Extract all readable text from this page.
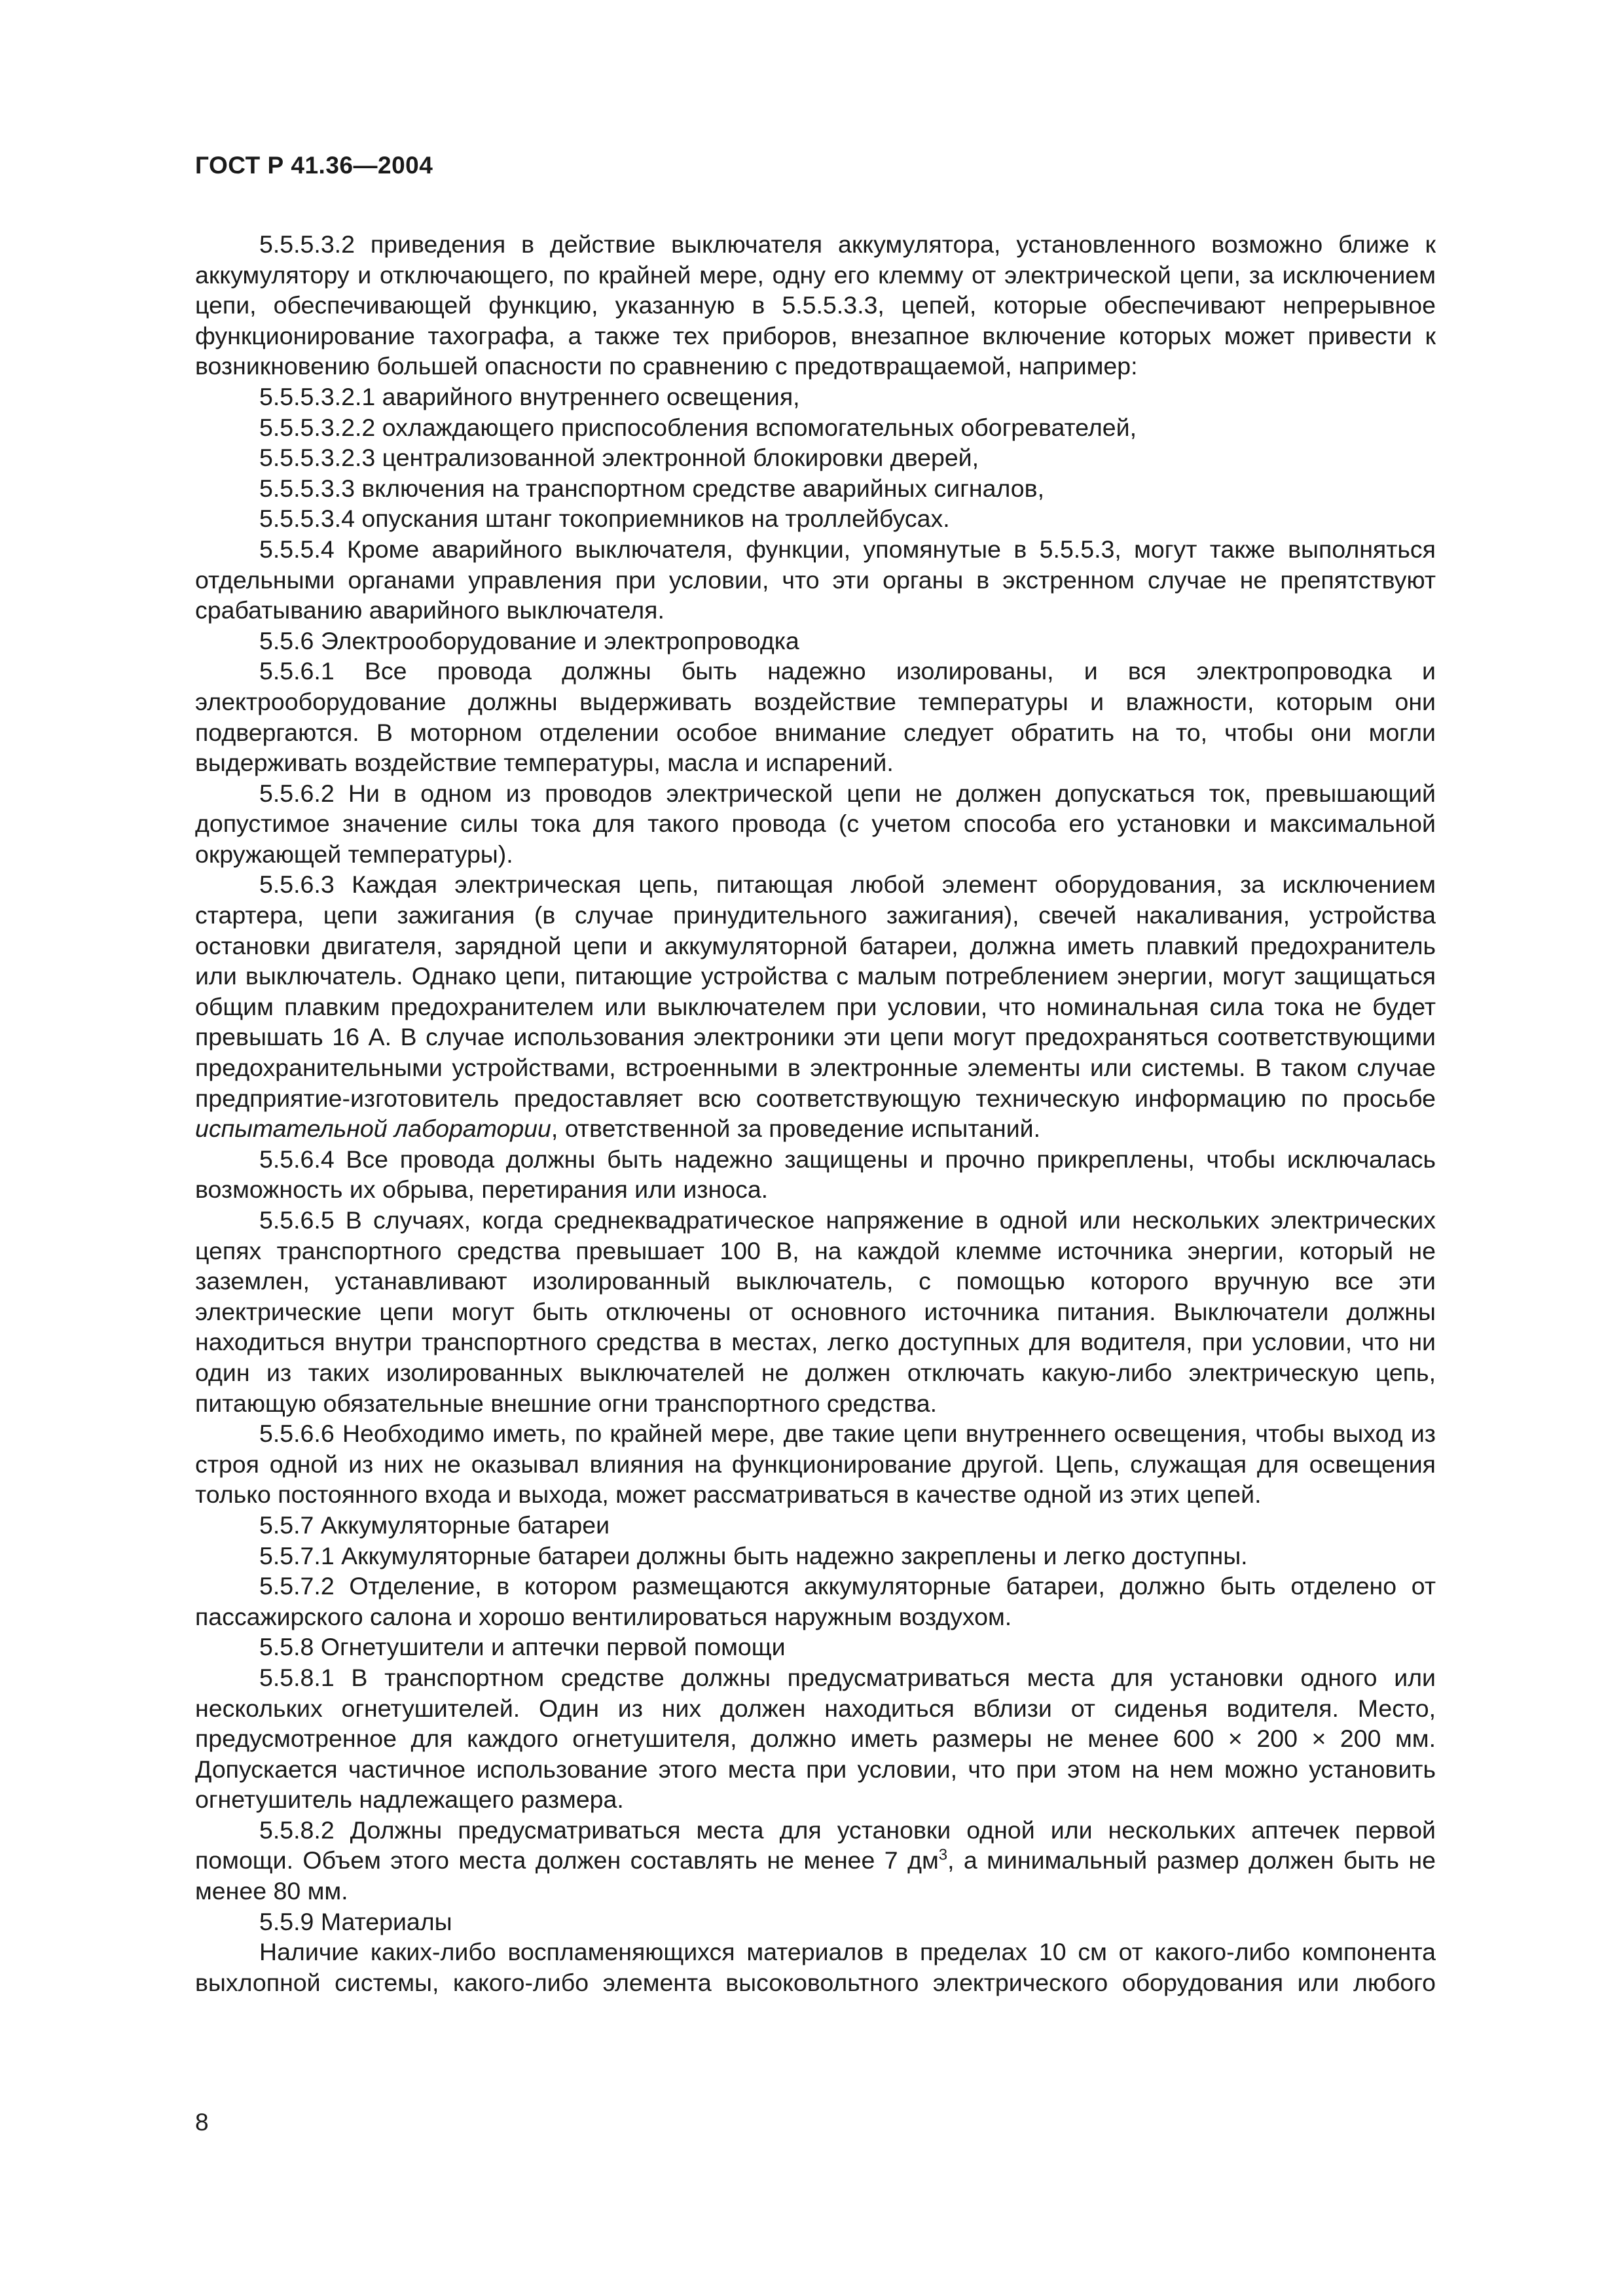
ГОСТ Р 41.36—2004

5.5.5.3.2 приведения в действие выключателя аккумулятора, установленного возможно ближе к аккумулятору и отключающего, по крайней мере, одну его клемму от электрической цепи, за исключением цепи, обеспечивающей функцию, указанную в 5.5.5.3.3, цепей, которые обеспечивают непрерывное функционирование тахографа, а также тех приборов, внезапное включение которых может привести к возникновению большей опасности по сравнению с предотвращаемой, например:

5.5.5.3.2.1 аварийного внутреннего освещения,

5.5.5.3.2.2 охлаждающего приспособления вспомогательных обогревателей,

5.5.5.3.2.3 централизованной электронной блокировки дверей,

5.5.5.3.3 включения на транспортном средстве аварийных сигналов,

5.5.5.3.4 опускания штанг токоприемников на троллейбусах.

5.5.5.4 Кроме аварийного выключателя, функции, упомянутые в 5.5.5.3, могут также выполняться отдельными органами управления при условии, что эти органы в экстренном случае не препятствуют срабатыванию аварийного выключателя.

5.5.6 Электрооборудование и электропроводка

5.5.6.1 Все провода должны быть надежно изолированы, и вся электропроводка и электрооборудование должны выдерживать воздействие температуры и влажности, которым они подвергаются. В моторном отделении особое внимание следует обратить на то, чтобы они могли выдерживать воздействие температуры, масла и испарений.

5.5.6.2 Ни в одном из проводов электрической цепи не должен допускаться ток, превышающий допустимое значение силы тока для такого провода (с учетом способа его установки и максимальной окружающей температуры).

5.5.6.3 Каждая электрическая цепь, питающая любой элемент оборудования, за исключением стартера, цепи зажигания (в случае принудительного зажигания), свечей накаливания, устройства остановки двигателя, зарядной цепи и аккумуляторной батареи, должна иметь плавкий предохранитель или выключатель. Однако цепи, питающие устройства с малым потреблением энергии, могут защищаться общим плавким предохранителем или выключателем при условии, что номинальная сила тока не будет превышать 16 А. В случае использования электроники эти цепи могут предохраняться соответствующими предохранительными устройствами, встроенными в электронные элементы или системы. В таком случае предприятие-изготовитель предоставляет всю соответствующую техническую информацию по просьбе испытательной лаборатории, ответственной за проведение испытаний.

5.5.6.4 Все провода должны быть надежно защищены и прочно прикреплены, чтобы исключалась возможность их обрыва, перетирания или износа.

5.5.6.5 В случаях, когда среднеквадратическое напряжение в одной или нескольких электрических цепях транспортного средства превышает 100 В, на каждой клемме источника энергии, который не заземлен, устанавливают изолированный выключатель, с помощью которого вручную все эти электрические цепи могут быть отключены от основного источника питания. Выключатели должны находиться внутри транспортного средства в местах, легко доступных для водителя, при условии, что ни один из таких изолированных выключателей не должен отключать какую-либо электрическую цепь, питающую обязательные внешние огни транспортного средства.

5.5.6.6 Необходимо иметь, по крайней мере, две такие цепи внутреннего освещения, чтобы выход из строя одной из них не оказывал влияния на функционирование другой. Цепь, служащая для освещения только постоянного входа и выхода, может рассматриваться в качестве одной из этих цепей.

5.5.7 Аккумуляторные батареи

5.5.7.1 Аккумуляторные батареи должны быть надежно закреплены и легко доступны.

5.5.7.2 Отделение, в котором размещаются аккумуляторные батареи, должно быть отделено от пассажирского салона и хорошо вентилироваться наружным воздухом.

5.5.8 Огнетушители и аптечки первой помощи

5.5.8.1 В транспортном средстве должны предусматриваться места для установки одного или нескольких огнетушителей. Один из них должен находиться вблизи от сиденья водителя. Место, предусмотренное для каждого огнетушителя, должно иметь размеры не менее 600 × 200 × 200 мм. Допускается частичное использование этого места при условии, что при этом на нем можно установить огнетушитель надлежащего размера.

5.5.8.2 Должны предусматриваться места для установки одной или нескольких аптечек первой помощи. Объем этого места должен составлять не менее 7 $дм^3$, а минимальный размер должен быть не менее 80 мм.

5.5.9 Материалы

Наличие каких-либо воспламеняющихся материалов в пределах 10 см от какого-либо компонента выхлопной системы, какого-либо элемента высоковольтного электрического оборудования или любого

8
